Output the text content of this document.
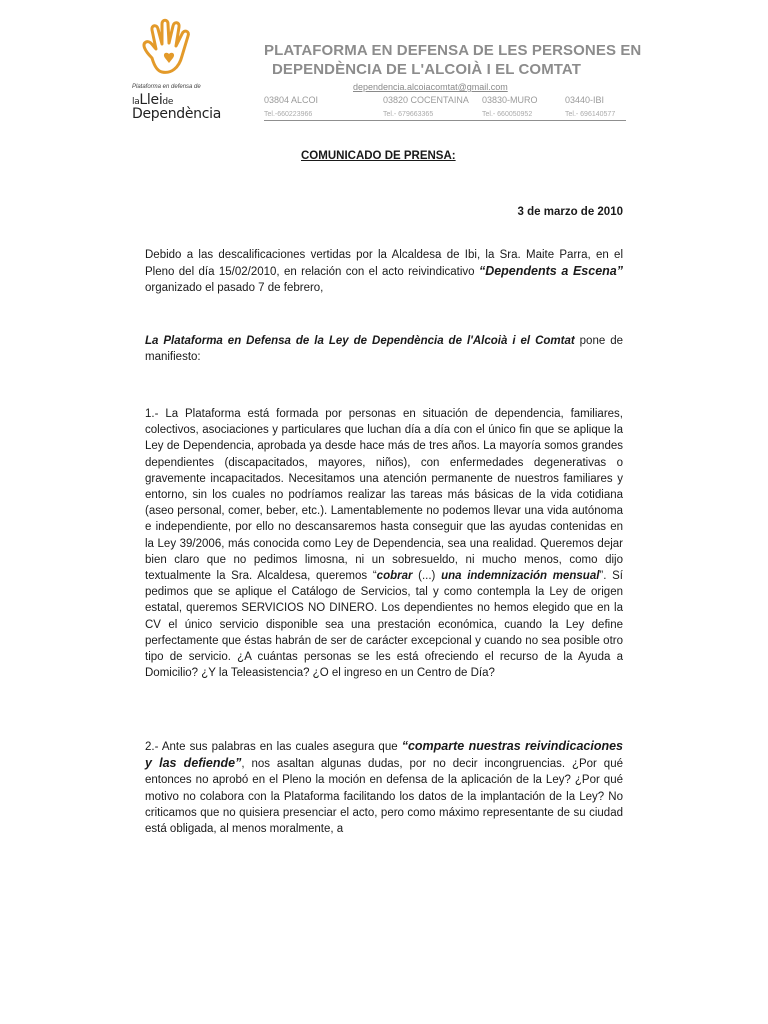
Plataforma en defensa de
laLleide
Dependència
PLATAFORMA EN DEFENSA DE LES PERSONES EN
DEPENDÈNCIA DE L'ALCOIÀ I EL COMTAT
dependencia.alcoiacomtat@gmail.com
03804 ALCOI
Tel.-660223966
03820 COCENTAINA
Tel.- 679663365
03830-MURO
Tel.- 660050952
03440-IBI
Tel.- 696140577
COMUNICADO DE PRENSA:
3 de marzo de 2010
Debido a las descalificaciones vertidas por la Alcaldesa de Ibi, la Sra. Maite Parra, en el Pleno del día 15/02/2010, en relación con el acto reivindicativo “Dependents a Escena” organizado el pasado 7 de febrero,
La Plataforma en Defensa de la Ley de Dependència de l'Alcoià i el Comtat pone de manifiesto:
1.- La Plataforma está formada por personas en situación de dependencia, familiares, colectivos, asociaciones y particulares que luchan día a día con el único fin que se aplique la Ley de Dependencia, aprobada ya desde hace más de tres años. La mayoría somos grandes dependientes (discapacitados, mayores, niños), con enfermedades degenerativas o gravemente incapacitados. Necesitamos una atención permanente de nuestros familiares y entorno, sin los cuales no podríamos realizar las tareas más básicas de la vida cotidiana (aseo personal, comer, beber, etc.). Lamentablemente no podemos llevar una vida autónoma e independiente, por ello no descansaremos hasta conseguir que las ayudas contenidas en la Ley 39/2006, más conocida como Ley de Dependencia, sea una realidad. Queremos dejar bien claro que no pedimos limosna, ni un sobresueldo, ni mucho menos, como dijo textualmente la Sra. Alcaldesa, queremos “cobrar (...) una indemnización mensual”. Sí pedimos que se aplique el Catálogo de Servicios, tal y como contempla la Ley de origen estatal, queremos SERVICIOS NO DINERO. Los dependientes no hemos elegido que en la CV el único servicio disponible sea una prestación económica, cuando la Ley define perfectamente que éstas habrán de ser de carácter excepcional y cuando no sea posible otro tipo de servicio. ¿A cuántas personas se les está ofreciendo el recurso de la Ayuda a Domicilio? ¿Y la Teleasistencia? ¿O el ingreso en un Centro de Día?
2.- Ante sus palabras en las cuales asegura que “comparte nuestras reivindicaciones y las defiende”, nos asaltan algunas dudas, por no decir incongruencias. ¿Por qué entonces no aprobó en el Pleno la moción en defensa de la aplicación de la Ley? ¿Por qué motivo no colabora con la Plataforma facilitando los datos de la implantación de la Ley? No criticamos que no quisiera presenciar el acto, pero como máximo representante de su ciudad está obligada, al menos moralmente, a
